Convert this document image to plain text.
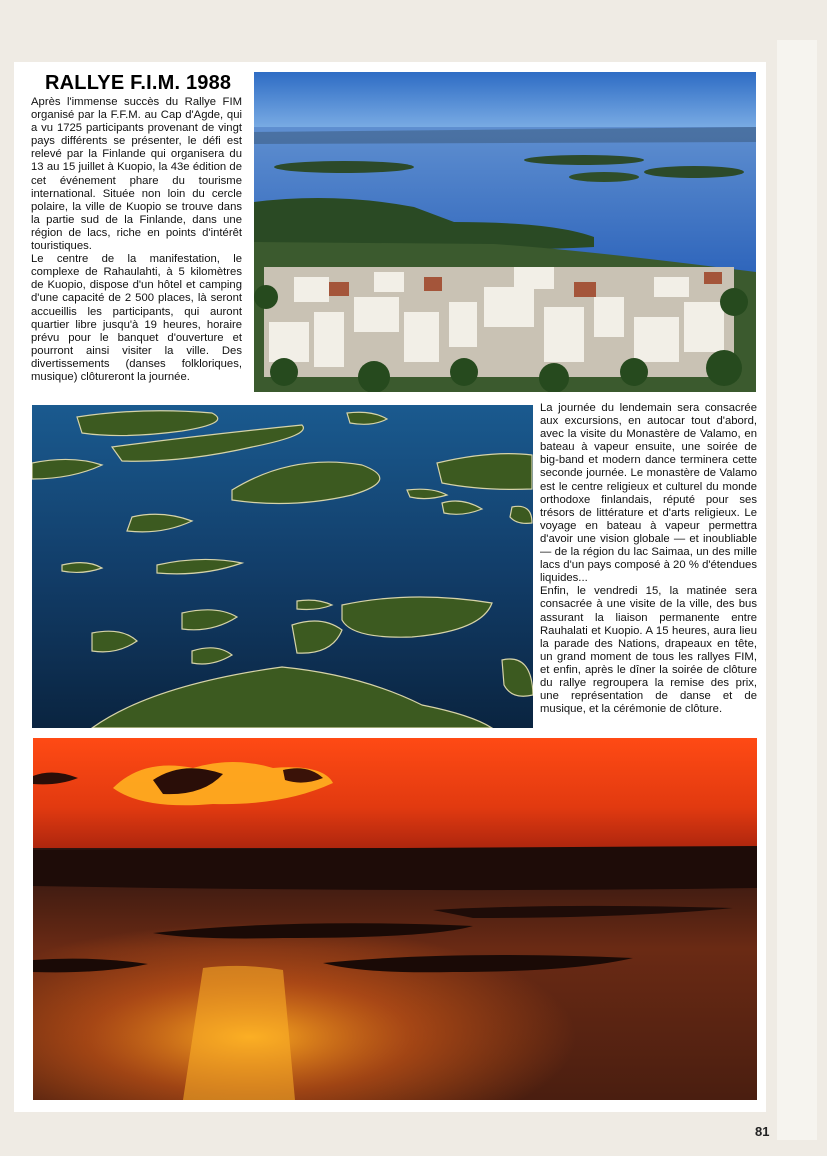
RALLYE F.I.M. 1988

Après l'immense succès du Rallye FIM organisé par la F.F.M. au Cap d'Agde, qui a vu 1725 participants provenant de vingt pays différents se présenter, le défi est relevé par la Finlande qui organisera du 13 au 15 juillet à Kuopio, la 43e édition de cet événement phare du tourisme international. Située non loin du cercle polaire, la ville de Kuopio se trouve dans la partie sud de la Finlande, dans une région de lacs, riche en points d'intérêt touristiques.

Le centre de la manifestation, le complexe de Rahaulahti, à 5 kilomètres de Kuopio, dispose d'un hôtel et camping d'une capacité de 2 500 places, là seront accueillis les participants, qui auront quartier libre jusqu'à 19 heures, horaire prévu pour le banquet d'ouverture et pourront ainsi visiter la ville. Des divertissements (danses folkloriques, musique) clôtureront la journée.

La journée du lendemain sera consacrée aux excursions, en autocar tout d'abord, avec la visite du Monastère de Valamo, en bateau à vapeur ensuite, une soirée de big-band et modern dance terminera cette seconde journée. Le monastère de Valamo est le centre religieux et culturel du monde orthodoxe finlandais, réputé pour ses trésors de littérature et d'arts religieux. Le voyage en bateau à vapeur permettra d'avoir une vision globale — et inoubliable — de la région du lac Saimaa, un des mille lacs d'un pays composé à 20 % d'étendues liquides...

Enfin, le vendredi 15, la matinée sera consacrée à une visite de la ville, des bus assurant la liaison permanente entre Rauhalati et Kuopio. A 15 heures, aura lieu la parade des Nations, drapeaux en tête, un grand moment de tous les rallyes FIM, et enfin, après le dîner la soirée de clôture du rallye regroupera la remise des prix, une représentation de danse et de musique, et la cérémonie de clôture.

81
